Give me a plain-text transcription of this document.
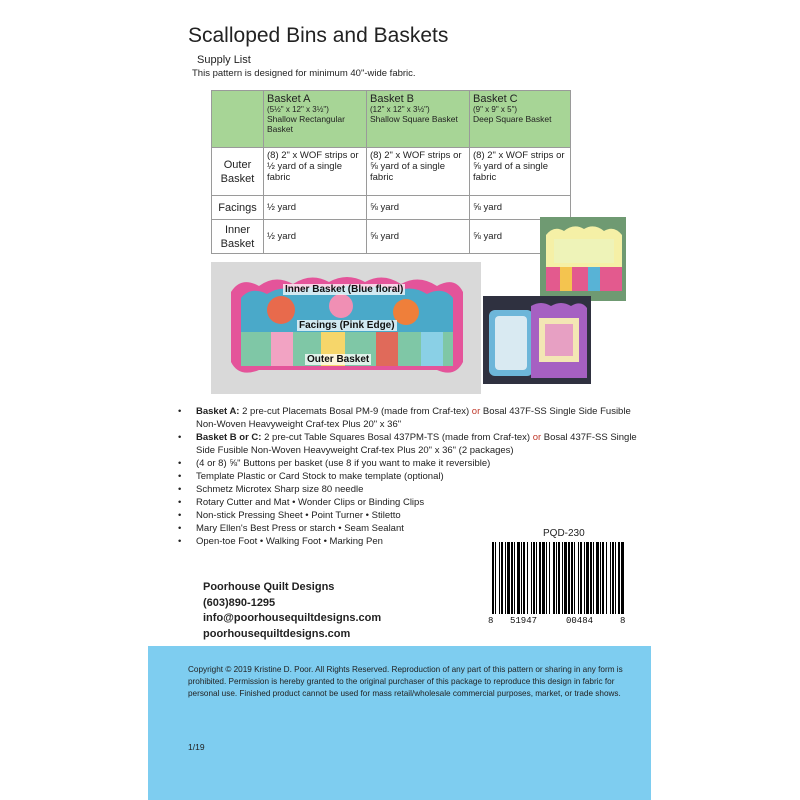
Scalloped Bins and Baskets
Supply List
This pattern is designed for minimum 40"-wide fabric.
Share the fun - use
#scallopedbaskets
on Social Media!

	Basket A
(5½" x 12" x 3½")
Shallow Rectangular Basket	Basket B
(12" x 12" x 3½")
Shallow Square Basket	Basket C
(9" x 9" x 5")
Deep Square Basket

Outer Basket	(8) 2" x WOF strips or ½ yard of a single fabric	(8) 2" x WOF strips or ⅝ yard of a single fabric	(8) 2" x WOF strips or ⅝ yard of a single fabric
Facings	½ yard	⅝ yard	⅝ yard
Inner Basket	½ yard	⅝ yard	⅝ yard
Inner Basket (Blue floral)
Facings (Pink Edge)
Outer Basket
• Basket A: 2 pre-cut Placemats Bosal PM-9 (made from Craf-tex) or Bosal 437F-SS Single Side Fusible Non-Woven Heavyweight Craf-tex Plus 20" x 36"
• Basket B or C: 2 pre-cut Table Squares Bosal 437PM-TS (made from Craf-tex) or Bosal 437F-SS Single Side Fusible Non-Woven Heavyweight Craf-tex Plus 20" x 36" (2 packages)
• (4 or 8) ⅝" Buttons per basket (use 8 if you want to make it reversible)
• Template Plastic or Card Stock to make template (optional)
• Schmetz Microtex Sharp size 80 needle
• Rotary Cutter and Mat • Wonder Clips or Binding Clips
• Non-stick Pressing Sheet • Point Turner • Stiletto
• Mary Ellen's Best Press or starch • Seam Sealant
• Open-toe Foot • Walking Foot • Marking Pen
Poorhouse Quilt Designs
(603)890-1295
info@poorhousequiltdesigns.com
poorhousequiltdesigns.com
PQD-230
8 51947	00484	8
Copyright © 2019 Kristine D. Poor. All Rights Reserved. Reproduction of any part of this pattern or sharing in any form is prohibited. Permission is hereby granted to the original purchaser of this package to reproduce this design in fabric for personal use. Finished product cannot be used for mass retail/wholesale commercial purposes, market, or trade shows.
1/19
